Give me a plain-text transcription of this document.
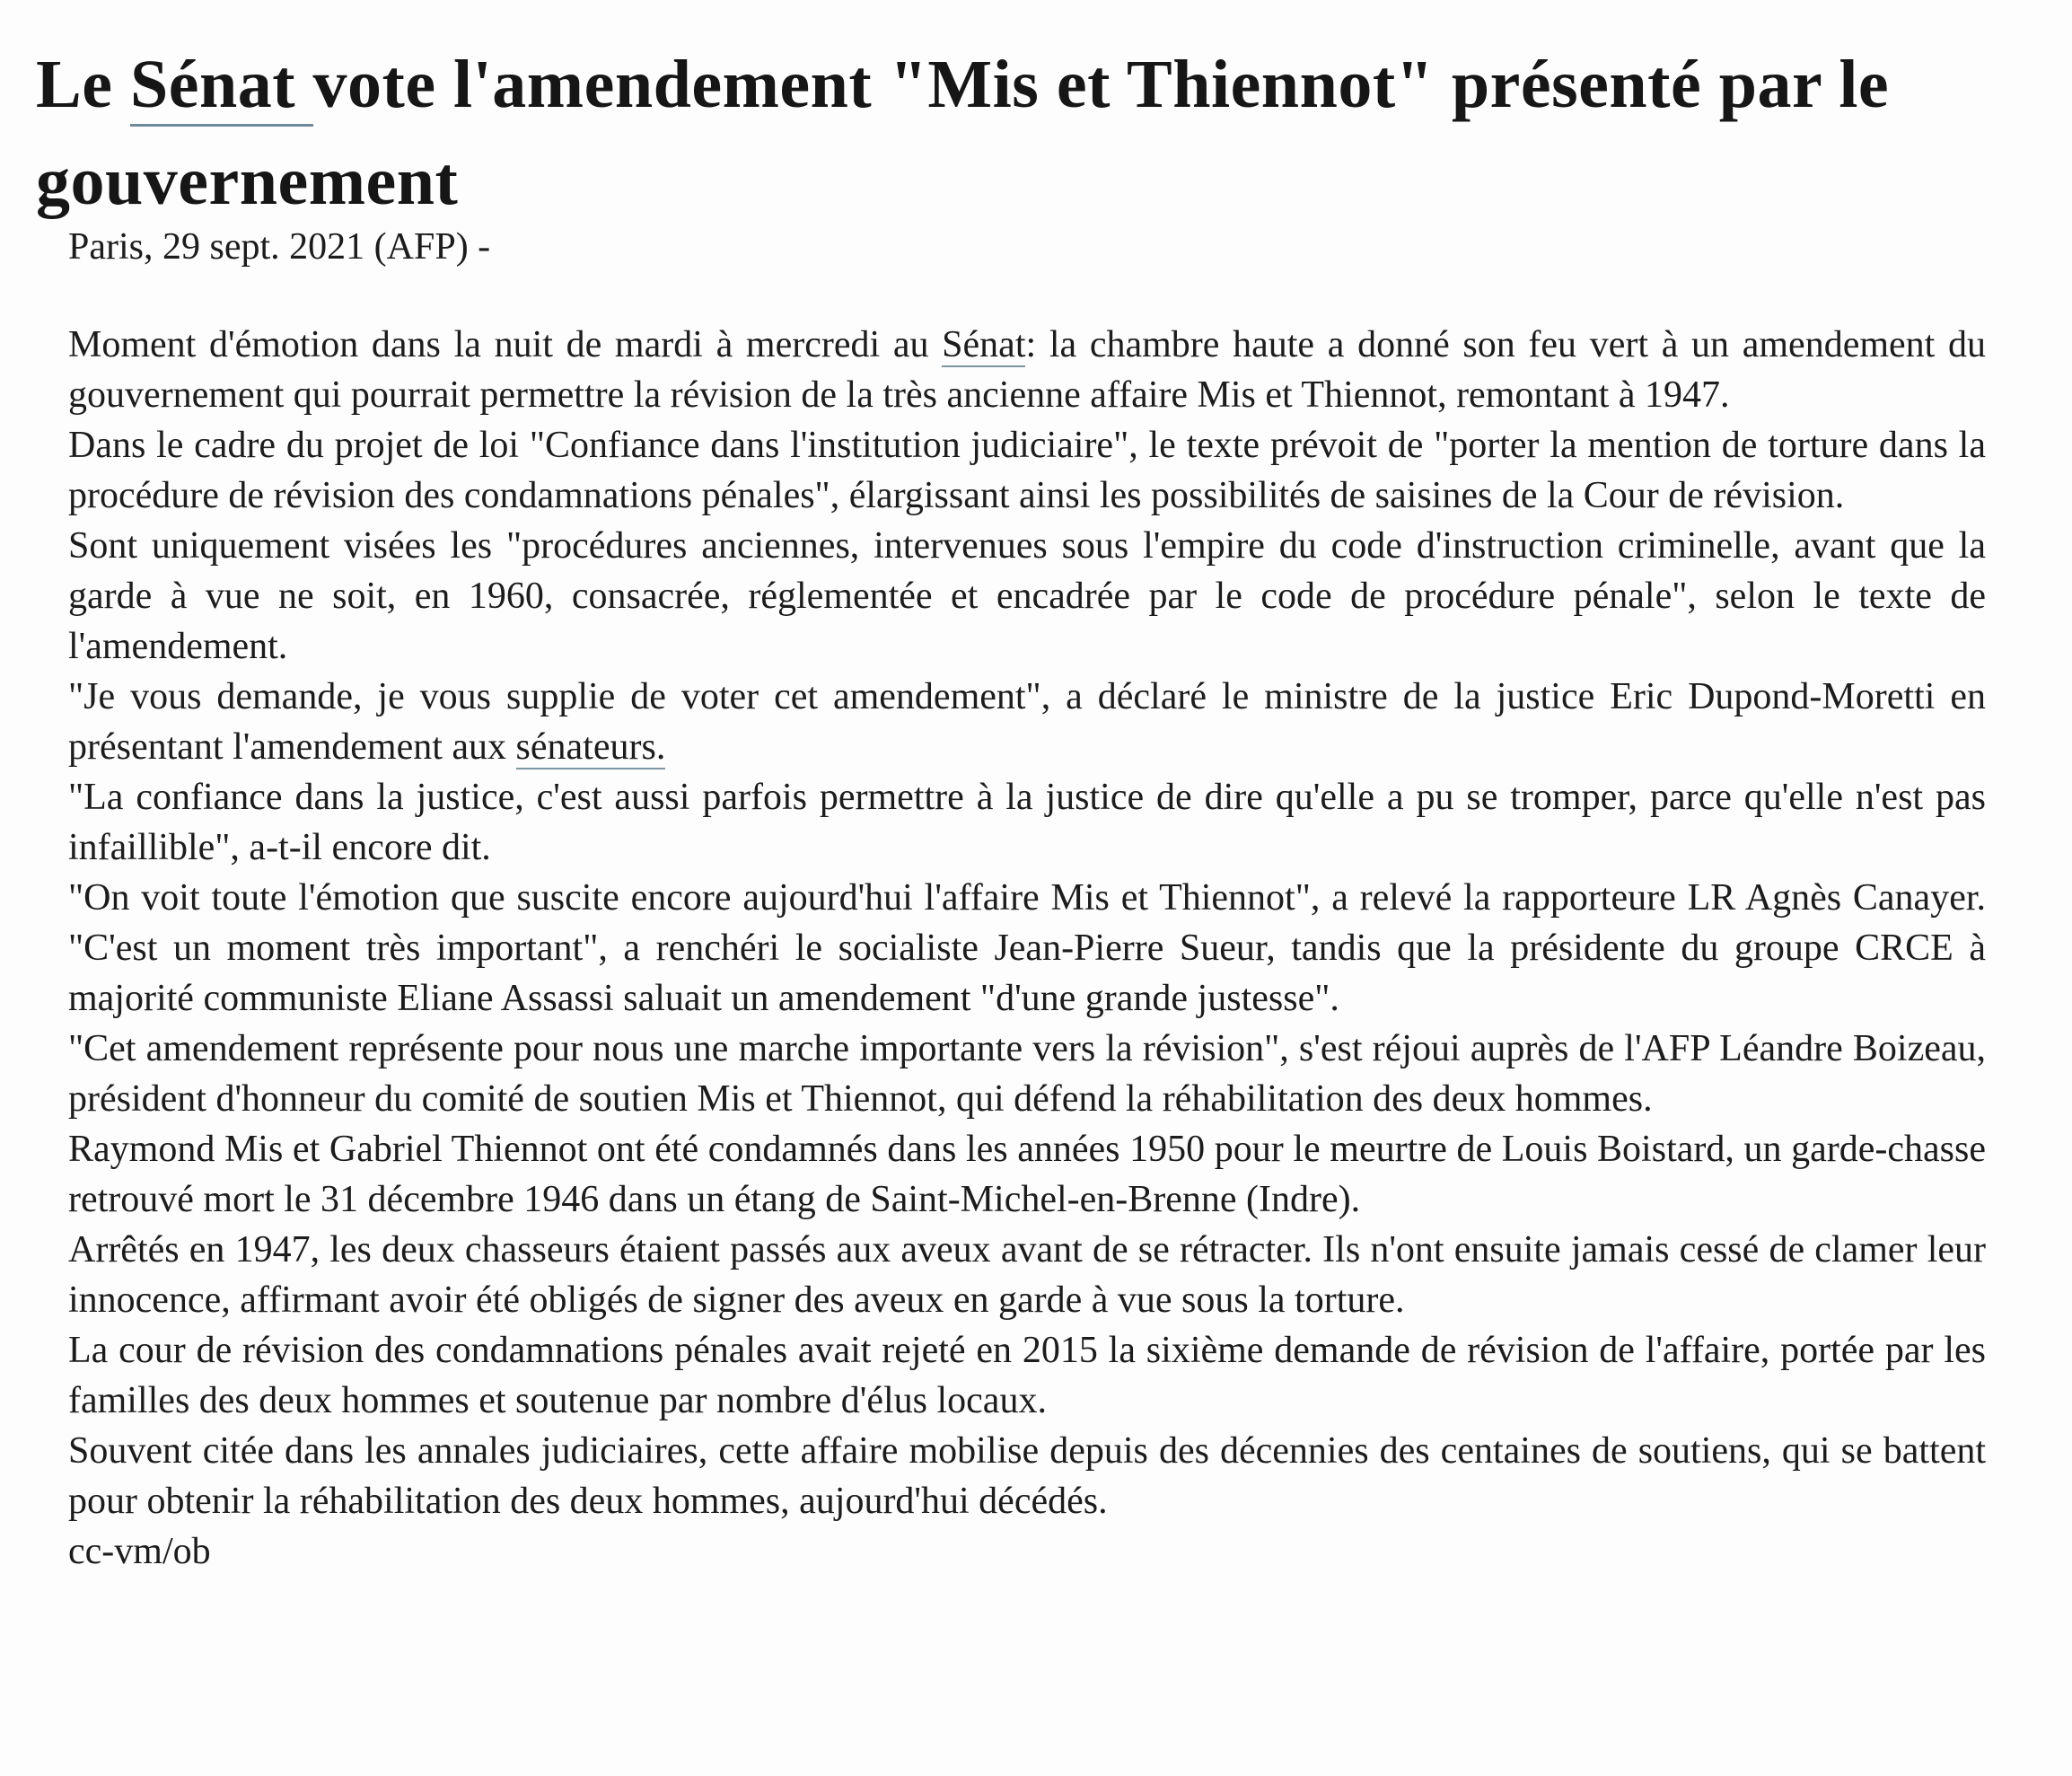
Le Sénat vote l'amendement "Mis et Thiennot" présenté par le gouvernement

Paris, 29 sept. 2021 (AFP) -

Moment d'émotion dans la nuit de mardi à mercredi au Sénat: la chambre haute a donné son feu vert à un amendement du gouvernement qui pourrait permettre la révision de la très ancienne affaire Mis et Thiennot, remontant à 1947.

Dans le cadre du projet de loi "Confiance dans l'institution judiciaire", le texte prévoit de "porter la mention de torture dans la procédure de révision des condamnations pénales", élargissant ainsi les possibilités de saisines de la Cour de révision.

Sont uniquement visées les "procédures anciennes, intervenues sous l'empire du code d'instruction criminelle, avant que la garde à vue ne soit, en 1960, consacrée, réglementée et encadrée par le code de procédure pénale", selon le texte de l'amendement.

"Je vous demande, je vous supplie de voter cet amendement", a déclaré le ministre de la justice Eric Dupond-Moretti en présentant l'amendement aux sénateurs.

"La confiance dans la justice, c'est aussi parfois permettre à la justice de dire qu'elle a pu se tromper, parce qu'elle n'est pas infaillible", a-t-il encore dit.

"On voit toute l'émotion que suscite encore aujourd'hui l'affaire Mis et Thiennot", a relevé la rapporteure LR Agnès Canayer. "C'est un moment très important", a renchéri le socialiste Jean-Pierre Sueur, tandis que la présidente du groupe CRCE à majorité communiste Eliane Assassi saluait un amendement "d'une grande justesse".

"Cet amendement représente pour nous une marche importante vers la révision", s'est réjoui auprès de l'AFP Léandre Boizeau, président d'honneur du comité de soutien Mis et Thiennot, qui défend la réhabilitation des deux hommes.

Raymond Mis et Gabriel Thiennot ont été condamnés dans les années 1950 pour le meurtre de Louis Boistard, un garde-chasse retrouvé mort le 31 décembre 1946 dans un étang de Saint-Michel-en-Brenne (Indre).

Arrêtés en 1947, les deux chasseurs étaient passés aux aveux avant de se rétracter. Ils n'ont ensuite jamais cessé de clamer leur innocence, affirmant avoir été obligés de signer des aveux en garde à vue sous la torture.

La cour de révision des condamnations pénales avait rejeté en 2015 la sixième demande de révision de l'affaire, portée par les familles des deux hommes et soutenue par nombre d'élus locaux.

Souvent citée dans les annales judiciaires, cette affaire mobilise depuis des décennies des centaines de soutiens, qui se battent pour obtenir la réhabilitation des deux hommes, aujourd'hui décédés.

cc-vm/ob
